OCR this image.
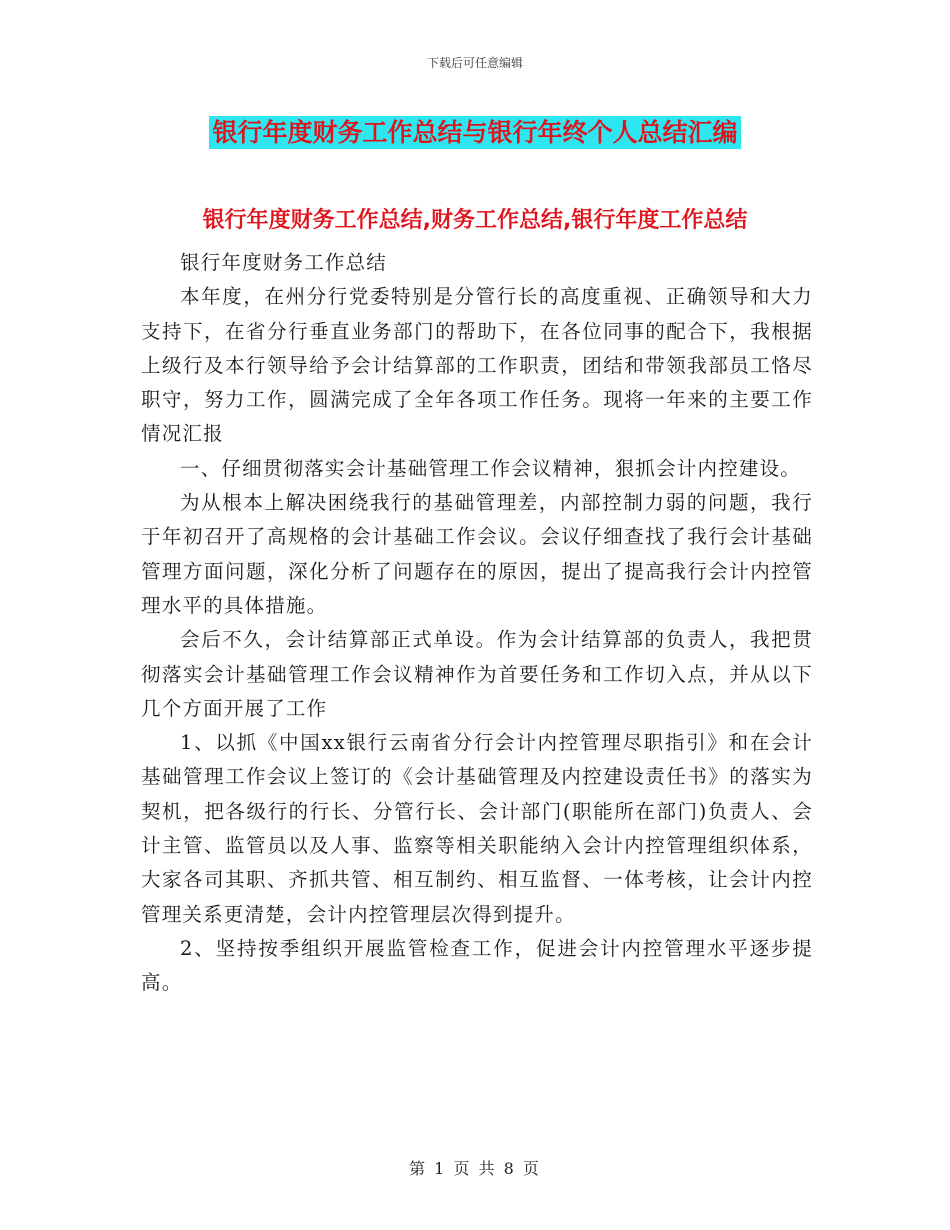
下载后可任意编辑
银行年度财务工作总结与银行年终个人总结汇编
银行年度财务工作总结,财务工作总结,银行年度工作总结

银行年度财务工作总结

本年度，在州分行党委特别是分管行长的高度重视、正确领导和大力支持下，在省分行垂直业务部门的帮助下，在各位同事的配合下，我根据上级行及本行领导给予会计结算部的工作职责，团结和带领我部员工恪尽职守，努力工作，圆满完成了全年各项工作任务。现将一年来的主要工作情况汇报

一、仔细贯彻落实会计基础管理工作会议精神，狠抓会计内控建设。

为从根本上解决困绕我行的基础管理差，内部控制力弱的问题，我行于年初召开了高规格的会计基础工作会议。会议仔细查找了我行会计基础管理方面问题，深化分析了问题存在的原因，提出了提高我行会计内控管理水平的具体措施。

会后不久，会计结算部正式单设。作为会计结算部的负责人，我把贯彻落实会计基础管理工作会议精神作为首要任务和工作切入点，并从以下几个方面开展了工作

1、以抓《中国xx银行云南省分行会计内控管理尽职指引》和在会计基础管理工作会议上签订的《会计基础管理及内控建设责任书》的落实为契机，把各级行的行长、分管行长、会计部门(职能所在部门)负责人、会计主管、监管员以及人事、监察等相关职能纳入会计内控管理组织体系，大家各司其职、齐抓共管、相互制约、相互监督、一体考核，让会计内控管理关系更清楚，会计内控管理层次得到提升。

2、坚持按季组织开展监管检查工作，促进会计内控管理水平逐步提高。

第 1 页 共 8 页
